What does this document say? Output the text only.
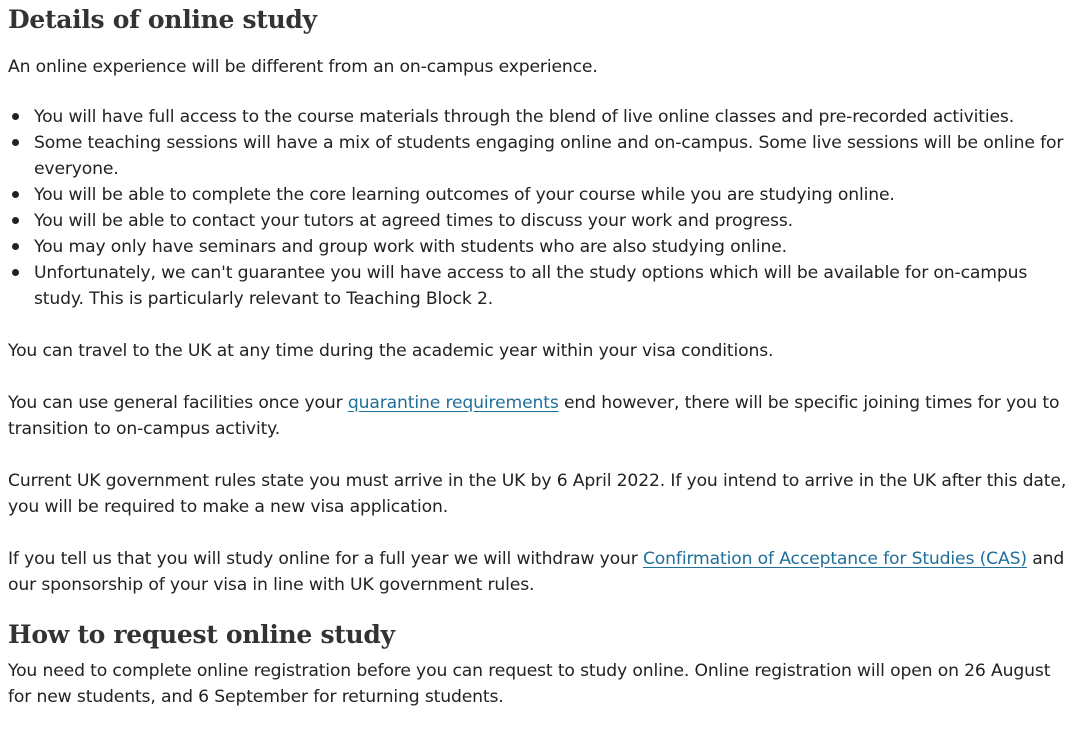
Details of online study

An online experience will be different from an on-campus experience.

You will have full access to the course materials through the blend of live online classes and pre-recorded activities.
Some teaching sessions will have a mix of students engaging online and on-campus. Some live sessions will be online for everyone.
You will be able to complete the core learning outcomes of your course while you are studying online.
You will be able to contact your tutors at agreed times to discuss your work and progress.
You may only have seminars and group work with students who are also studying online.
Unfortunately, we can't guarantee you will have access to all the study options which will be available for on-campus study. This is particularly relevant to Teaching Block 2.

You can travel to the UK at any time during the academic year within your visa conditions.

You can use general facilities once your quarantine requirements end however, there will be specific joining times for you to transition to on-campus activity.

Current UK government rules state you must arrive in the UK by 6 April 2022. If you intend to arrive in the UK after this date, you will be required to make a new visa application.

If you tell us that you will study online for a full year we will withdraw your Confirmation of Acceptance for Studies (CAS) and our sponsorship of your visa in line with UK government rules.

How to request online study

You need to complete online registration before you can request to study online. Online registration will open on 26 August for new students, and 6 September for returning students.
